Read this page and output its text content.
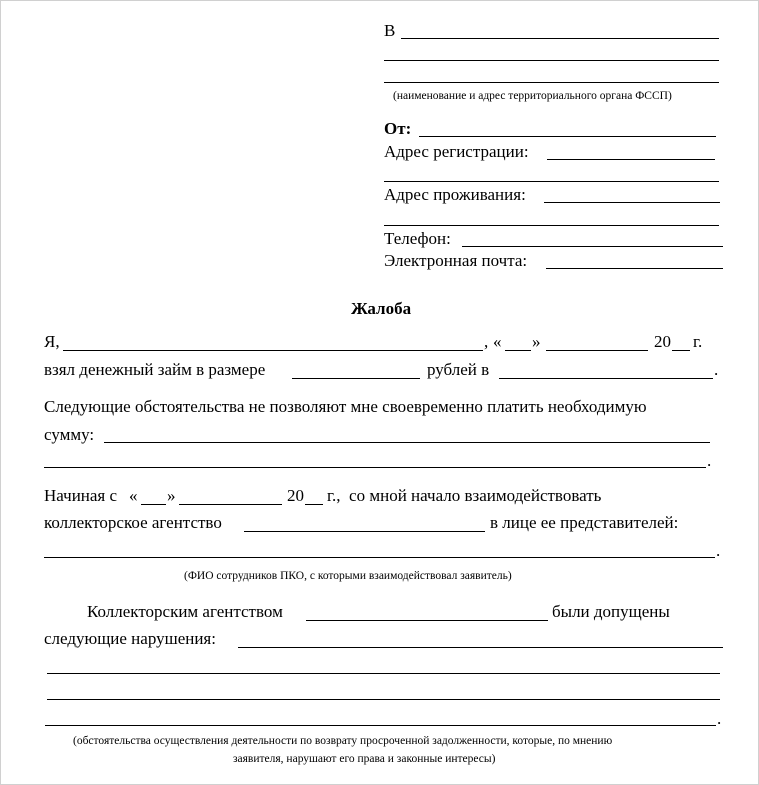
В
(наименование и адрес территориального органа ФССП)
От:
Адрес регистрации:
Адрес проживания:
Телефон:
Электронная почта:
Жалоба
Я,	, « »	20 г.
взял денежный займ в размере	рублей в	.
Следующие обстоятельства не позволяют мне своевременно платить необходимую
сумму:
.
Начиная с « »	20 г.,  со мной начало взаимодействовать
коллекторское агентство	в лице ее представителей:
.
(ФИО сотрудников ПКО, с которыми взаимодействовал заявитель)
Коллекторским агентством	были допущены
следующие нарушения:
.
(обстоятельства осуществления деятельности по возврату просроченной задолженности, которые, по мнению
заявителя, нарушают его права и законные интересы)
